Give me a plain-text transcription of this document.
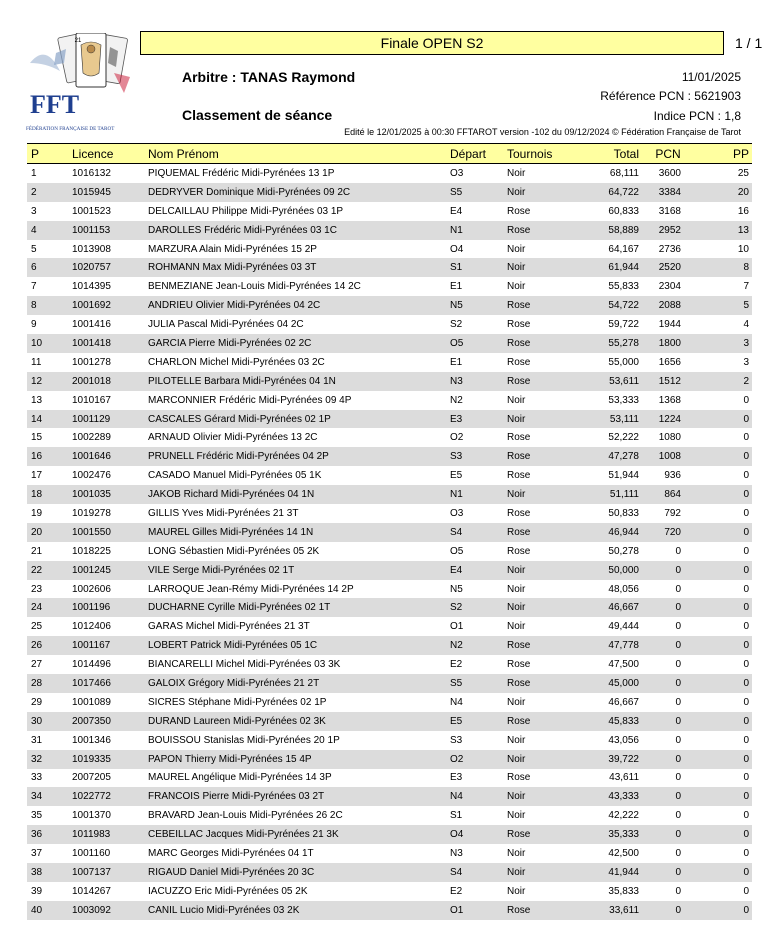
21
FFT
FÉDÉRATION FRANÇAISE DE TAROT
Finale OPEN S2	1 / 1
Arbitre : TANAS Raymond
Classement de séance
11/01/2025
Référence PCN : 5621903
Indice PCN : 1,8
Edité le 12/01/2025 à 00:30 FFTAROT version -102 du 09/12/2024 © Fédération Française de Tarot
P	Licence	Nom Prénom	Départ	Tournois	Total	PCN	PP
1	1016132	PIQUEMAL Frédéric Midi-Pyrénées 13 1P	O3	Noir	68,111	3600	25
2	1015945	DEDRYVER Dominique Midi-Pyrénées 09 2C	S5	Noir	64,722	3384	20
3	1001523	DELCAILLAU Philippe Midi-Pyrénées 03 1P	E4	Rose	60,833	3168	16
4	1001153	DAROLLES Frédéric Midi-Pyrénées 03 1C	N1	Rose	58,889	2952	13
5	1013908	MARZURA Alain Midi-Pyrénées 15 2P	O4	Noir	64,167	2736	10
6	1020757	ROHMANN Max Midi-Pyrénées 03 3T	S1	Noir	61,944	2520	8
7	1014395	BENMEZIANE Jean-Louis Midi-Pyrénées 14 2C	E1	Noir	55,833	2304	7
8	1001692	ANDRIEU Olivier Midi-Pyrénées 04 2C	N5	Rose	54,722	2088	5
9	1001416	JULIA Pascal Midi-Pyrénées 04 2C	S2	Rose	59,722	1944	4
10	1001418	GARCIA Pierre Midi-Pyrénées 02 2C	O5	Rose	55,278	1800	3
11	1001278	CHARLON Michel Midi-Pyrénées 03 2C	E1	Rose	55,000	1656	3
12	2001018	PILOTELLE Barbara Midi-Pyrénées 04 1N	N3	Rose	53,611	1512	2
13	1010167	MARCONNIER Frédéric Midi-Pyrénées 09 4P	N2	Noir	53,333	1368	0
14	1001129	CASCALES Gérard Midi-Pyrénées 02 1P	E3	Noir	53,111	1224	0
15	1002289	ARNAUD Olivier Midi-Pyrénées 13 2C	O2	Rose	52,222	1080	0
16	1001646	PRUNELL Frédéric Midi-Pyrénées 04 2P	S3	Rose	47,278	1008	0
17	1002476	CASADO Manuel Midi-Pyrénées 05 1K	E5	Rose	51,944	936	0
18	1001035	JAKOB Richard Midi-Pyrénées 04 1N	N1	Noir	51,111	864	0
19	1019278	GILLIS Yves Midi-Pyrénées 21 3T	O3	Rose	50,833	792	0
20	1001550	MAUREL Gilles Midi-Pyrénées 14 1N	S4	Rose	46,944	720	0
21	1018225	LONG Sébastien Midi-Pyrénées 05 2K	O5	Rose	50,278	0	0
22	1001245	VILE Serge Midi-Pyrénées 02 1T	E4	Noir	50,000	0	0
23	1002606	LARROQUE Jean-Rémy Midi-Pyrénées 14 2P	N5	Noir	48,056	0	0
24	1001196	DUCHARNE Cyrille Midi-Pyrénées 02 1T	S2	Noir	46,667	0	0
25	1012406	GARAS Michel Midi-Pyrénées 21 3T	O1	Noir	49,444	0	0
26	1001167	LOBERT Patrick Midi-Pyrénées 05 1C	N2	Rose	47,778	0	0
27	1014496	BIANCARELLI Michel Midi-Pyrénées 03 3K	E2	Rose	47,500	0	0
28	1017466	GALOIX Grégory Midi-Pyrénées 21 2T	S5	Rose	45,000	0	0
29	1001089	SICRES Stéphane Midi-Pyrénées 02 1P	N4	Noir	46,667	0	0
30	2007350	DURAND Laureen Midi-Pyrénées 02 3K	E5	Rose	45,833	0	0
31	1001346	BOUISSOU Stanislas Midi-Pyrénées 20 1P	S3	Noir	43,056	0	0
32	1019335	PAPON Thierry Midi-Pyrénées 15 4P	O2	Noir	39,722	0	0
33	2007205	MAUREL Angélique Midi-Pyrénées 14 3P	E3	Rose	43,611	0	0
34	1022772	FRANCOIS Pierre Midi-Pyrénées 03 2T	N4	Noir	43,333	0	0
35	1001370	BRAVARD Jean-Louis Midi-Pyrénées 26 2C	S1	Noir	42,222	0	0
36	1011983	CEBEILLAC Jacques Midi-Pyrénées 21 3K	O4	Rose	35,333	0	0
37	1001160	MARC Georges Midi-Pyrénées 04 1T	N3	Noir	42,500	0	0
38	1007137	RIGAUD Daniel Midi-Pyrénées 20 3C	S4	Noir	41,944	0	0
39	1014267	IACUZZO Eric Midi-Pyrénées 05 2K	E2	Noir	35,833	0	0
40	1003092	CANIL Lucio Midi-Pyrénées 03 2K	O1	Rose	33,611	0	0
